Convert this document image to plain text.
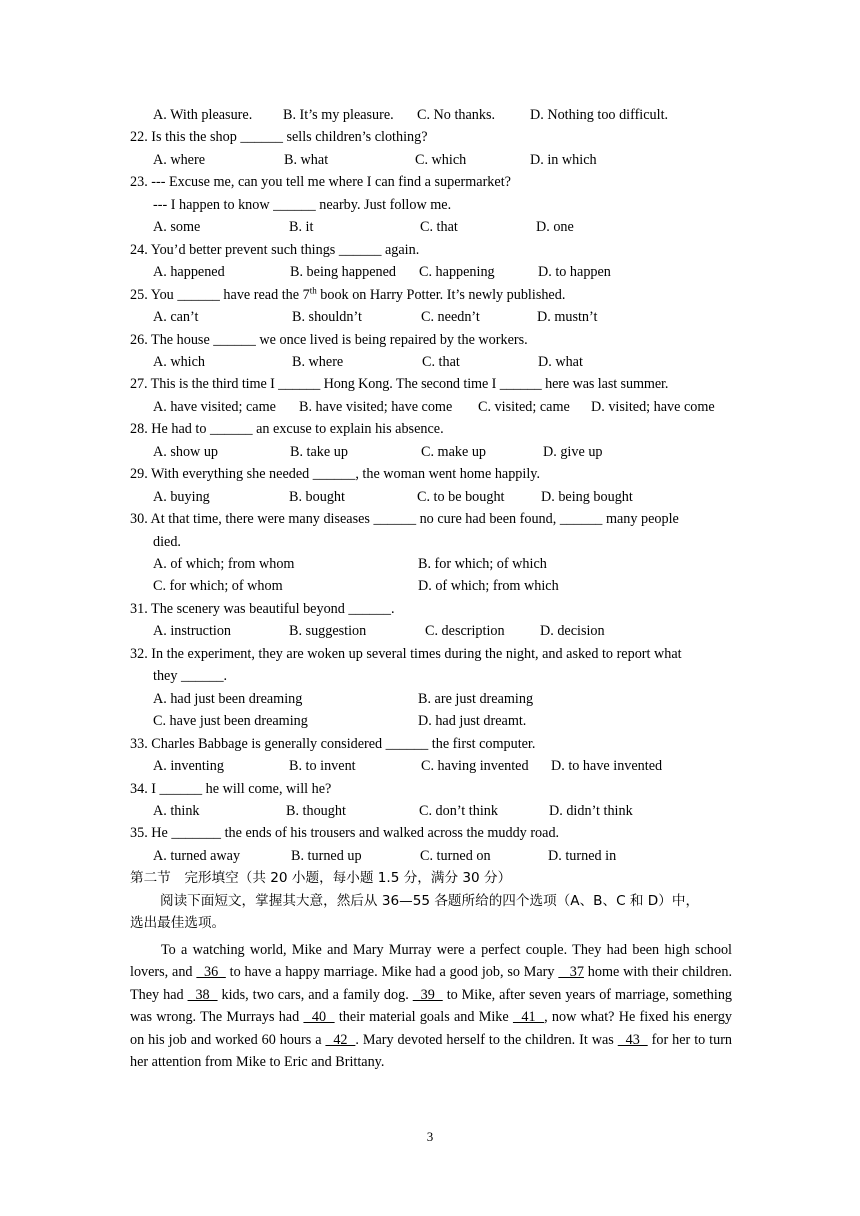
A. With pleasure. B. It’s my pleasure. C. No thanks. D. Nothing too difficult.
22. Is this the shop ______ sells children’s clothing?
A. where	B. what	C. which	D. in which
23. --- Excuse me, can you tell me where I can find a supermarket?
--- I happen to know ______ nearby. Just follow me.
A. some	B. it	C. that	D. one
24. You’d better prevent such things ______ again.
A. happened	B. being happened C. happening	D. to happen
25. You ______ have read the 7th book on Harry Potter. It’s newly published.
A. can’t	B. shouldn’t	C. needn’t	D. mustn’t
26. The house ______ we once lived is being repaired by the workers.
A. which	B. where	C. that	D. what
27. This is the third time I ______ Hong Kong. The second time I ______ here was last summer.
A. have visited; came B. have visited; have come C. visited; came D. visited; have come
28. He had to ______ an excuse to explain his absence.
A. show up	B. take up	C. make up	D. give up
29. With everything she needed ______, the woman went home happily.
A. buying	B. bought	C. to be bought	D. being bought
30. At that time, there were many diseases ______ no cure had been found, ______ many people
died.
A. of which; from whom	B. for which; of which
C. for which; of whom	D. of which; from which
31. The scenery was beautiful beyond ______.
A. instruction	B. suggestion	C. description D. decision
32. In the experiment, they are woken up several times during the night, and asked to report what
they ______.
A. had just been dreaming	B. are just dreaming
C. have just been dreaming	D. had just dreamt.
33. Charles Babbage is generally considered ______ the first computer.
A. inventing	B. to invent	C. having invented D. to have invented
34. I ______ he will come, will he?
A. think	B. thought	C. don’t think	D. didn’t think
35. He _______ the ends of his trousers and walked across the muddy road.
A. turned away	B. turned up	C. turned on	D. turned in
第二节　完形填空（共 20 小题，每小题 1.5 分，满分 30 分）
阅读下面短文，掌握其大意，然后从 36—55 各题所给的四个选项（A、B、C 和 D）中，
选出最佳选项。
To a watching world, Mike and Mary Murray were a perfect couple. They had been high school lovers, and   36   to have a happy marriage. Mike had a good job, so Mary    37 home with their children. They had   38   kids, two cars, and a family dog.   39   to Mike, after seven years of marriage, something was wrong. The Murrays had   40   their material goals and Mike   41  , now what? He fixed his energy on his job and worked 60 hours a   42  . Mary devoted herself to the children. It was   43   for her to turn her attention from Mike to Eric and Brittany.
3
